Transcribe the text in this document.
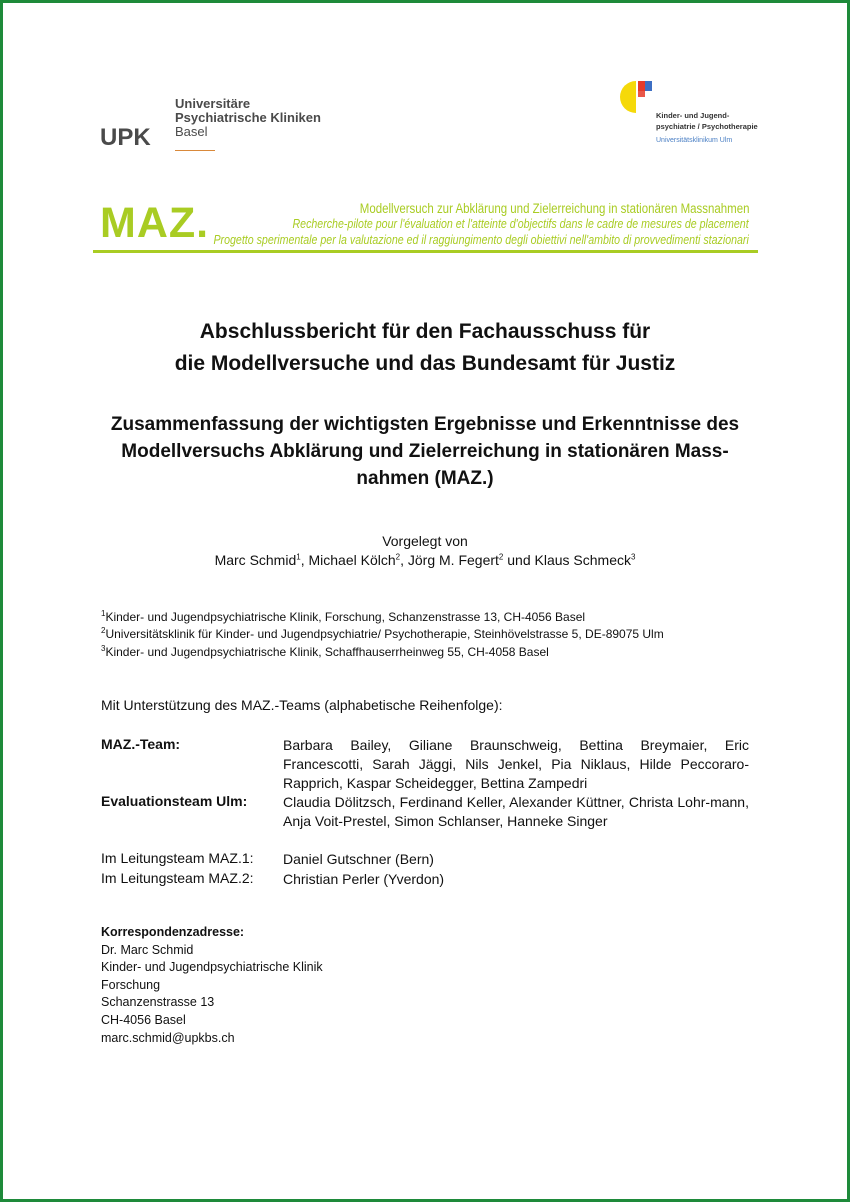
UPK
Universitäre
Psychiatrische Kliniken
Basel
Kinder- und Jugend-
psychiatrie / Psychotherapie
Universitätsklinikum Ulm
MAZ.	Modellversuch zur Abklärung und Zielerreichung in stationären Massnahmen
Recherche-pilote pour l'évaluation et l'atteinte d'objectifs dans le cadre de mesures de placement
Progetto sperimentale per la valutazione ed il raggiungimento degli obiettivi nell'ambito di provvedimenti stazionari
Abschlussbericht für den Fachausschuss für
die Modellversuche und das Bundesamt für Justiz
Zusammenfassung der wichtigsten Ergebnisse und Erkenntnisse des
Modellversuchs Abklärung und Zielerreichung in stationären Mass-
nahmen (MAZ.)
Vorgelegt von
Marc Schmid$^1$, Michael Kölch$^2$, Jörg M. Fegert$^2$ und Klaus Schmeck$^3$
$^1$Kinder- und Jugendpsychiatrische Klinik, Forschung, Schanzenstrasse 13, CH-4056 Basel
$^2$Universitätsklinik für Kinder- und Jugendpsychiatrie/ Psychotherapie, Steinhövelstrasse 5, DE-89075 Ulm
$^3$Kinder- und Jugendpsychiatrische Klinik, Schaffhauserrheinweg 55, CH-4058 Basel
Mit Unterstützung des MAZ.-Teams (alphabetische Reihenfolge):
MAZ.-Team:	Barbara Bailey, Giliane Braunschweig, Bettina Breymaier, Eric Francescotti, Sarah Jäggi, Nils Jenkel, Pia Niklaus, Hilde Peccoraro-Rapprich, Kaspar Scheidegger, Bettina Zampedri
Evaluationsteam Ulm:	Claudia Dölitzsch, Ferdinand Keller, Alexander Küttner, Christa Lohr-mann, Anja Voit-Prestel, Simon Schlanser, Hanneke Singer
Im Leitungsteam MAZ.1: Daniel Gutschner (Bern)
Im Leitungsteam MAZ.2: Christian Perler (Yverdon)
Korrespondenzadresse:
Dr. Marc Schmid
Kinder- und Jugendpsychiatrische Klinik
Forschung
Schanzenstrasse 13
CH-4056 Basel
marc.schmid@upkbs.ch
